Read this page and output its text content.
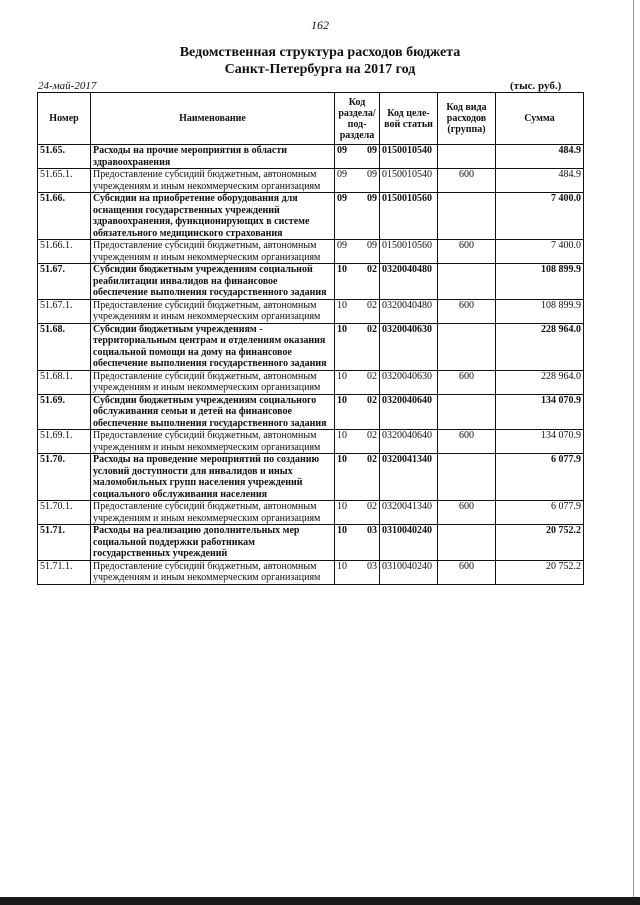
162
Ведомственная структура расходов бюджета
Санкт-Петербурга на 2017 год
24-май-2017	(тыс. руб.)
Номер	Наименование	Код раздела/ под-раздела	Код целе-вой статьи	Код вида расходов (группа)	Сумма
51.65.	Расходы на прочие мероприятия в области здравоохранения	09 09	0150010540		484.9
51.65.1.	Предоставление субсидий бюджетным, автономным учреждениям и иным некоммерческим организациям	09 09	0150010540	600	484.9
51.66.	Субсидии на приобретение оборудования для оснащения государственных учреждений здравоохранения, функционирующих в системе обязательного медицинского страхования	09 09	0150010560		7 400.0
51.66.1.	Предоставление субсидий бюджетным, автономным учреждениям и иным некоммерческим организациям	09 09	0150010560	600	7 400.0
51.67.	Субсидии бюджетным учреждениям социальной реабилитации инвалидов на финансовое обеспечение выполнения государственного задания	10 02	0320040480		108 899.9
51.67.1.	Предоставление субсидий бюджетным, автономным учреждениям и иным некоммерческим организациям	10 02	0320040480	600	108 899.9
51.68.	Субсидии бюджетным учреждениям - территориальным центрам и отделениям оказания социальной помощи на дому на финансовое обеспечение выполнения государственного задания	10 02	0320040630		228 964.0
51.68.1.	Предоставление субсидий бюджетным, автономным учреждениям и иным некоммерческим организациям	10 02	0320040630	600	228 964.0
51.69.	Субсидии бюджетным учреждениям социального обслуживания семьи и детей на финансовое обеспечение выполнения государственного задания	10 02	0320040640		134 070.9
51.69.1.	Предоставление субсидий бюджетным, автономным учреждениям и иным некоммерческим организациям	10 02	0320040640	600	134 070.9
51.70.	Расходы на проведение мероприятий по созданию условий доступности для инвалидов и иных маломобильных групп населения учреждений социального обслуживания населения	10 02	0320041340		6 077.9
51.70.1.	Предоставление субсидий бюджетным, автономным учреждениям и иным некоммерческим организациям	10 02	0320041340	600	6 077.9
51.71.	Расходы на реализацию дополнительных мер социальной поддержки работникам государственных учреждений	10 03	0310040240		20 752.2
51.71.1.	Предоставление субсидий бюджетным, автономным учреждениям и иным некоммерческим организациям	10 03	0310040240	600	20 752.2
